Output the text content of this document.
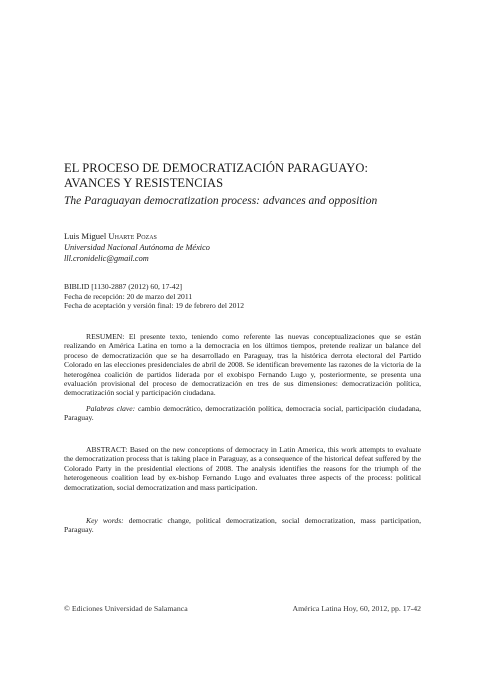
EL PROCESO DE DEMOCRATIZACIÓN PARAGUAYO:
AVANCES Y RESISTENCIAS
The Paraguayan democratization process: advances and opposition
Luis Miguel Uharte Pozas
Universidad Nacional Autónoma de México
lll.cronidelic@gmail.com
BIBLID [1130-2887 (2012) 60, 17-42]
Fecha de recepción: 20 de marzo del 2011
Fecha de aceptación y versión final: 19 de febrero del 2012

RESUMEN: El presente texto, teniendo como referente las nuevas conceptualizaciones que se están realizando en América Latina en torno a la democracia en los últimos tiempos, pretende realizar un balance del proceso de democratización que se ha desarrollado en Paraguay, tras la histórica derrota electoral del Partido Colorado en las elecciones presidenciales de abril de 2008. Se identifican brevemente las razones de la victoria de la heterogénea coalición de partidos liderada por el exobispo Fernando Lugo y, posteriormente, se presenta una evaluación provisional del proceso de democratización en tres de sus dimensiones: democratización política, democratización social y participación ciudadana.

Palabras clave: cambio democrático, democratización política, democracia social, participación ciudadana, Paraguay.

ABSTRACT: Based on the new conceptions of democracy in Latin America, this work attempts to evaluate the democratization process that is taking place in Paraguay, as a consequence of the historical defeat suffered by the Colorado Party in the presidential elections of 2008. The analysis identifies the reasons for the triumph of the heterogeneous coalition lead by ex-bishop Fernando Lugo and evaluates three aspects of the process: political democratization, social democratization and mass participation.

Key words: democratic change, political democratization, social democratization, mass participation, Paraguay.

© Ediciones Universidad de Salamanca	América Latina Hoy, 60, 2012, pp. 17-42
